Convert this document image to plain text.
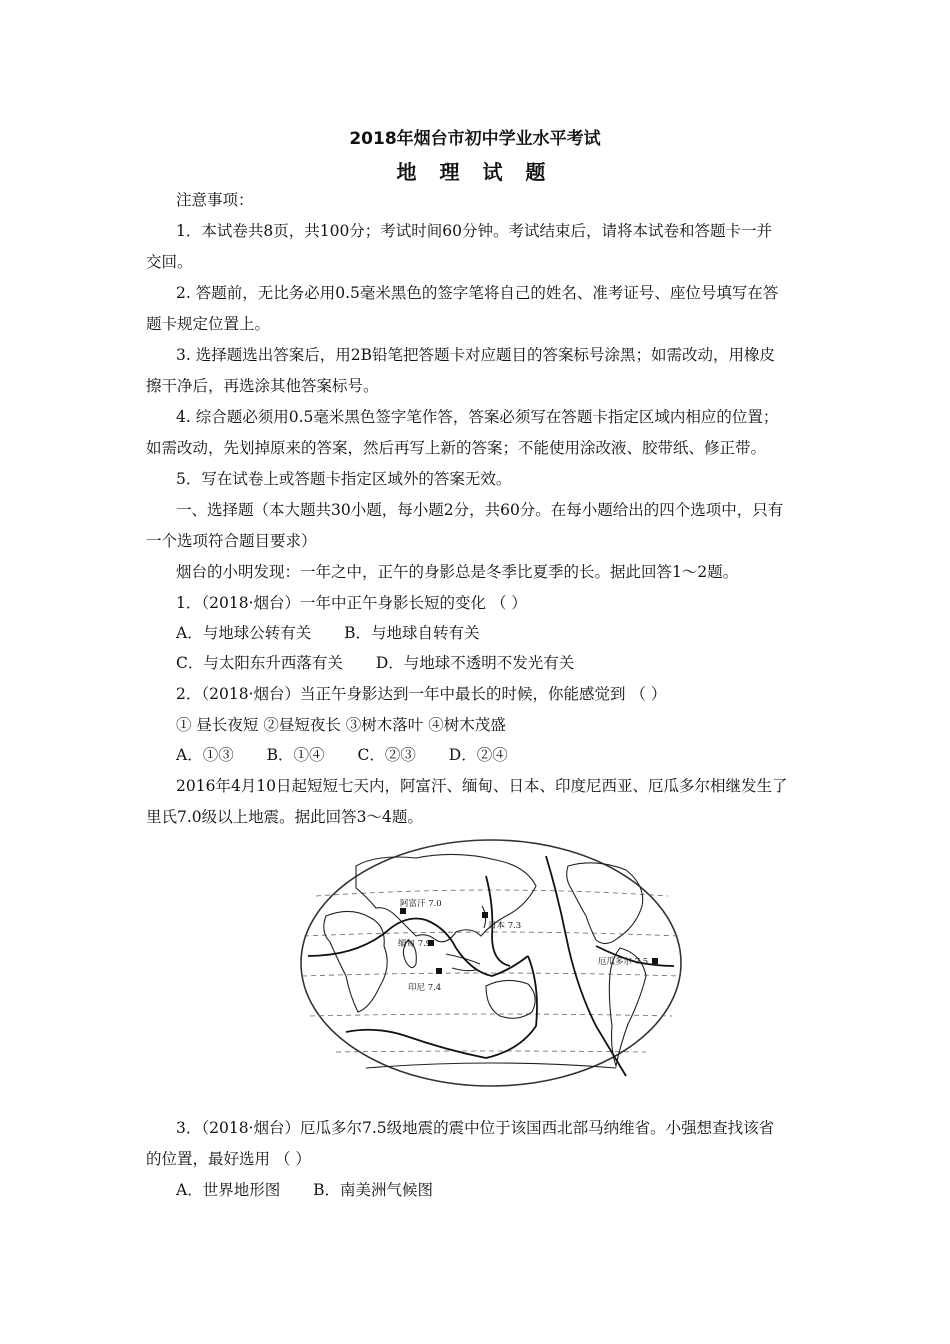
2018年烟台市初中学业水平考试
地 理 试 题
注意事项：
1．本试卷共8页，共100分；考试时间60分钟。考试结束后，请将本试卷和答题卡一并
交回。
2. 答题前，无比务必用0.5毫米黑色的签字笔将自己的姓名、准考证号、座位号填写在答
题卡规定位置上。
3. 选择题选出答案后，用2B铅笔把答题卡对应题目的答案标号涂黑；如需改动，用橡皮
擦干净后，再选涂其他答案标号。
4. 综合题必须用0.5毫米黑色签字笔作答，答案必须写在答题卡指定区域内相应的位置；
如需改动，先划掉原来的答案，然后再写上新的答案；不能使用涂改液、胶带纸、修正带。
5．写在试卷上或答题卡指定区域外的答案无效。
一、选择题（本大题共30小题，每小题2分，共60分。在每小题给出的四个选项中，只有
一个选项符合题目要求）
烟台的小明发现：一年之中，正午的身影总是冬季比夏季的长。据此回答1～2题。
1．（2018·烟台）一年中正午身影长短的变化 （ ）
A．与地球公转有关 B．与地球自转有关
C．与太阳东升西落有关 D．与地球不透明不发光有关
2．（2018·烟台）当正午身影达到一年中最长的时候，你能感觉到 （ ）
① 昼长夜短 ②昼短夜长 ③树木落叶 ④树木茂盛
A．①③ B．①④ C．②③ D．②④
2016年4月10日起短短七天内，阿富汗、缅甸、日本、印度尼西亚、厄瓜多尔相继发生了
里氏7.0级以上地震。据此回答3～4题。
阿富汗 7.0
日本 7.3
缅甸 7.9
厄瓜多尔 7.5
印尼 7.4
3．（2018·烟台）厄瓜多尔7.5级地震的震中位于该国西北部马纳维省。小强想查找该省
的位置，最好选用 （ ）
A．世界地形图 B．南美洲气候图
